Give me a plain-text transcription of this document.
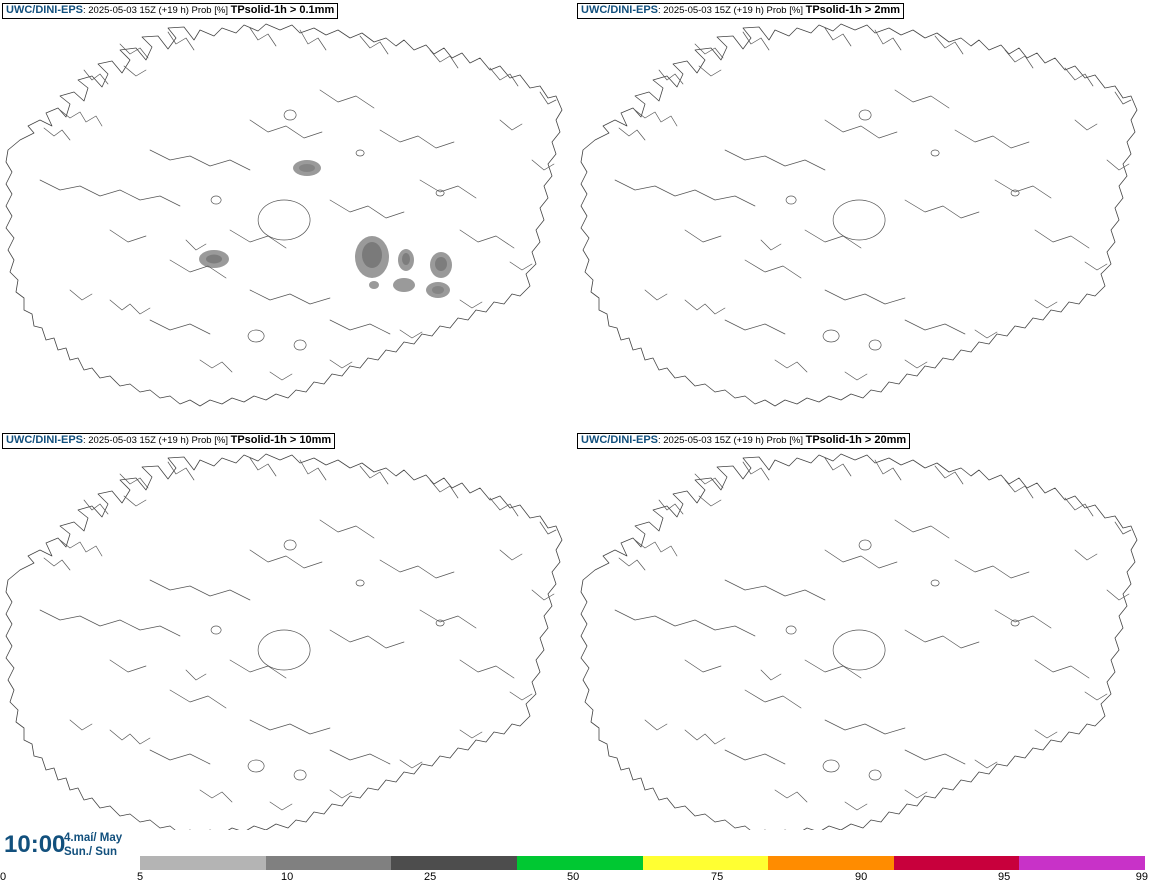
UWC/DINI-EPS: 2025-05-03 15Z (+19 h) Prob [%] TPsolid-1h > 0.1mm	UWC/DINI-EPS: 2025-05-03 15Z (+19 h) Prob [%] TPsolid-1h > 2mm
UWC/DINI-EPS: 2025-05-03 15Z (+19 h) Prob [%] TPsolid-1h > 10mm	UWC/DINI-EPS: 2025-05-03 15Z (+19 h) Prob [%] TPsolid-1h > 20mm
10:00
4.maí/ May
Sun./ Sun
0	5	10	25	50	75	90	95	99
